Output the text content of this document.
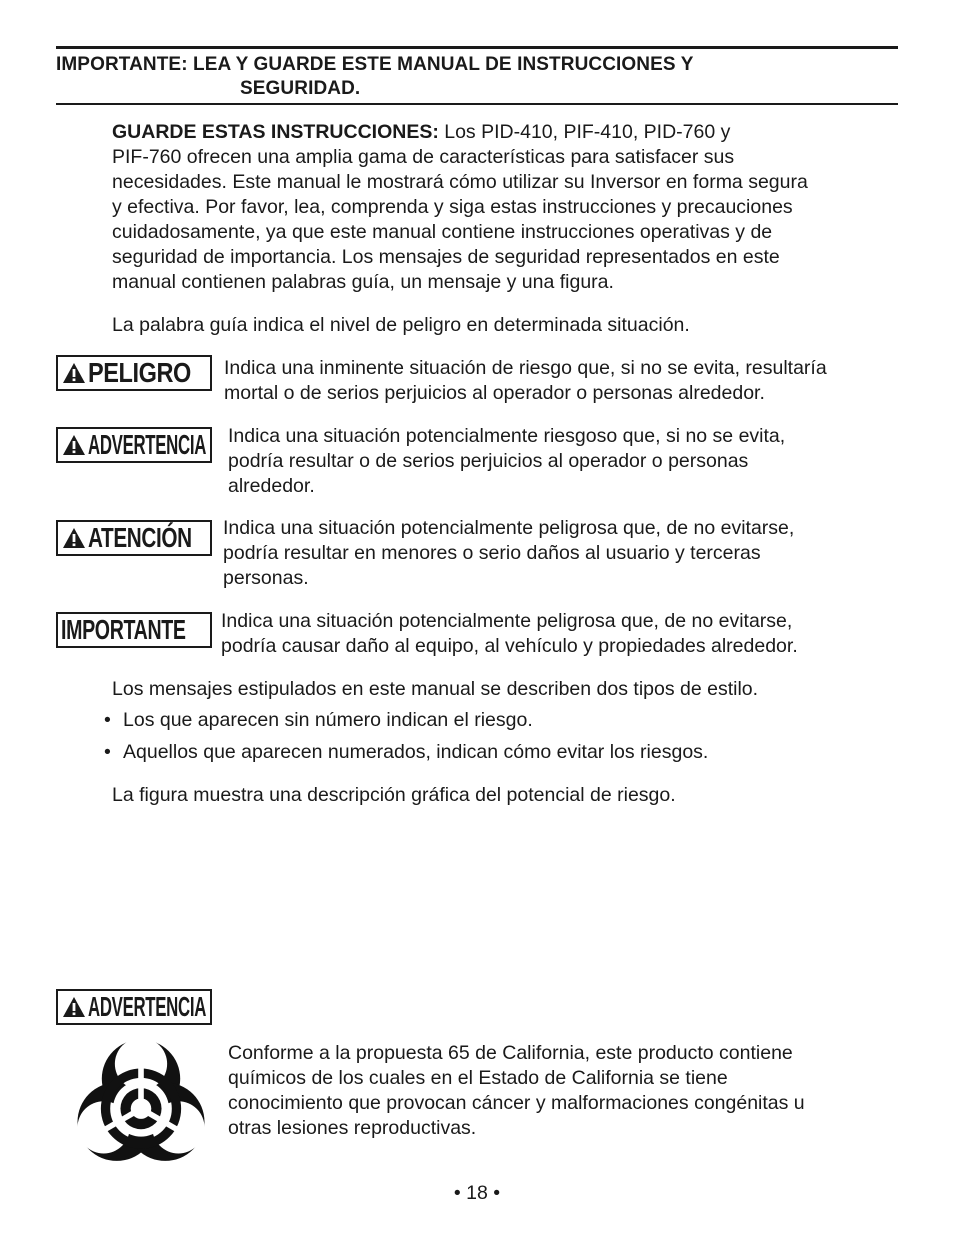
IMPORTANTE: LEA Y GUARDE ESTE MANUAL DE INSTRUCCIONES Y
SEGURIDAD.
GUARDE ESTAS INSTRUCCIONES: Los PID-410, PIF-410, PID-760 y
PIF-760 ofrecen una amplia gama de características para satisfacer sus
necesidades. Este manual le mostrará cómo utilizar su Inversor en forma segura
y efectiva. Por favor, lea, comprenda y siga estas instrucciones y precauciones
cuidadosamente, ya que este manual contiene instrucciones operativas y de
seguridad de importancia. Los mensajes de seguridad representados en este
manual contienen palabras guía, un mensaje y una figura.
La palabra guía indica el nivel de peligro en determinada situación.
PELIGRO Indica una inminente situación de riesgo que, si no se evita, resultaría
mortal o de serios perjuicios al operador o personas alrededor.
ADVERTENCIA Indica una situación potencialmente riesgoso que, si no se evita,
podría resultar o de serios perjuicios al operador o personas
alrededor.
ATENCIÓN Indica una situación potencialmente peligrosa que, de no evitarse,
podría resultar en menores o serio daños al usuario y terceras
personas.
IMPORTANTE Indica una situación potencialmente peligrosa que, de no evitarse,
podría causar daño al equipo, al vehículo y propiedades alrededor.
Los mensajes estipulados en este manual se describen dos tipos de estilo.
• Los que aparecen sin número indican el riesgo.
• Aquellos que aparecen numerados, indican cómo evitar los riesgos.
La figura muestra una descripción gráfica del potencial de riesgo.
ADVERTENCIA
Conforme a la propuesta 65 de California, este producto contiene
químicos de los cuales en el Estado de California se tiene
conocimiento que provocan cáncer y malformaciones congénitas u
otras lesiones reproductivas.
• 18 •
